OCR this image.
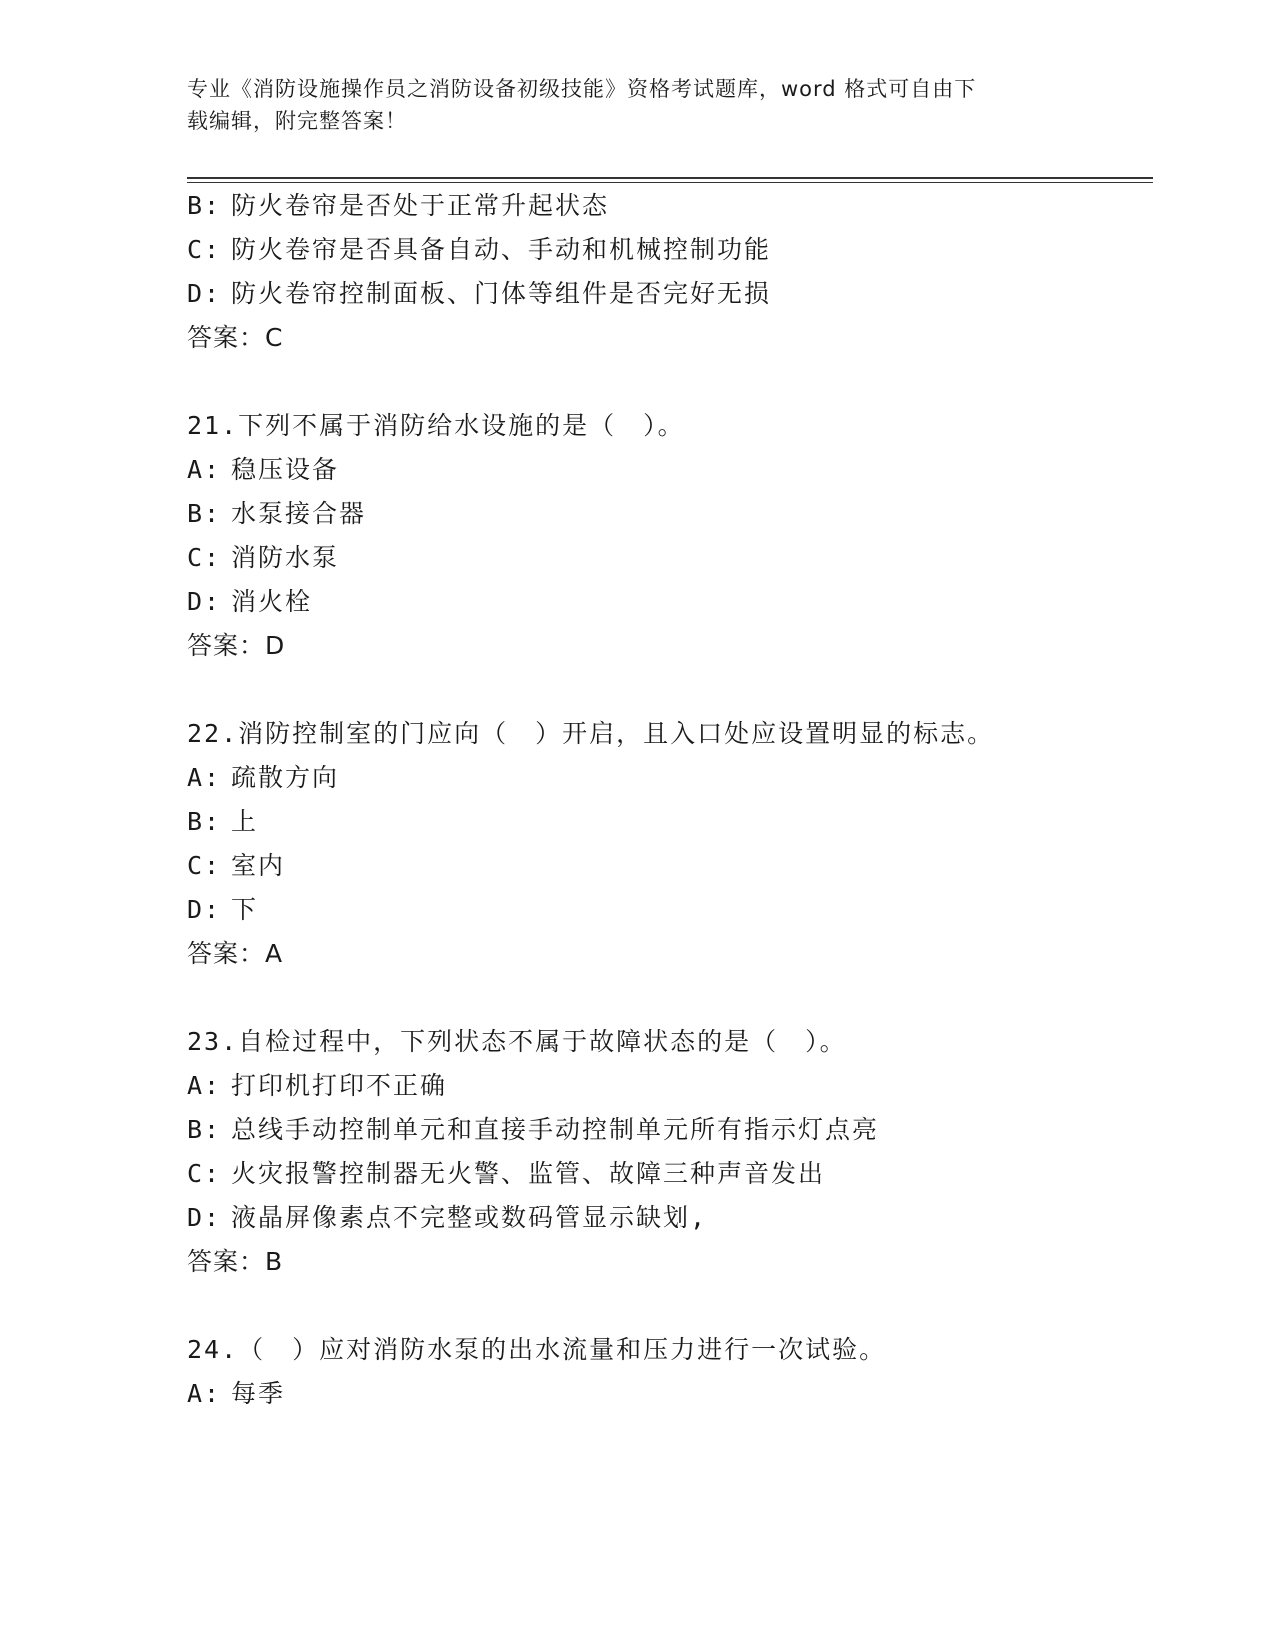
专业《消防设施操作员之消防设备初级技能》资格考试题库，word 格式可自由下
载编辑，附完整答案！
B: 防火卷帘是否处于正常升起状态
C: 防火卷帘是否具备自动、手动和机械控制功能
D: 防火卷帘控制面板、门体等组件是否完好无损
答案：C
21.下列不属于消防给水设施的是（　）。
A: 稳压设备
B: 水泵接合器
C: 消防水泵
D: 消火栓
答案：D
22.消防控制室的门应向（　）开启，且入口处应设置明显的标志。
A: 疏散方向
B: 上
C: 室内
D: 下
答案：A
23.自检过程中，下列状态不属于故障状态的是（　）。
A: 打印机打印不正确
B: 总线手动控制单元和直接手动控制单元所有指示灯点亮
C: 火灾报警控制器无火警、监管、故障三种声音发出
D: 液晶屏像素点不完整或数码管显示缺划,
答案：B
24.（　）应对消防水泵的出水流量和压力进行一次试验。
A: 每季
